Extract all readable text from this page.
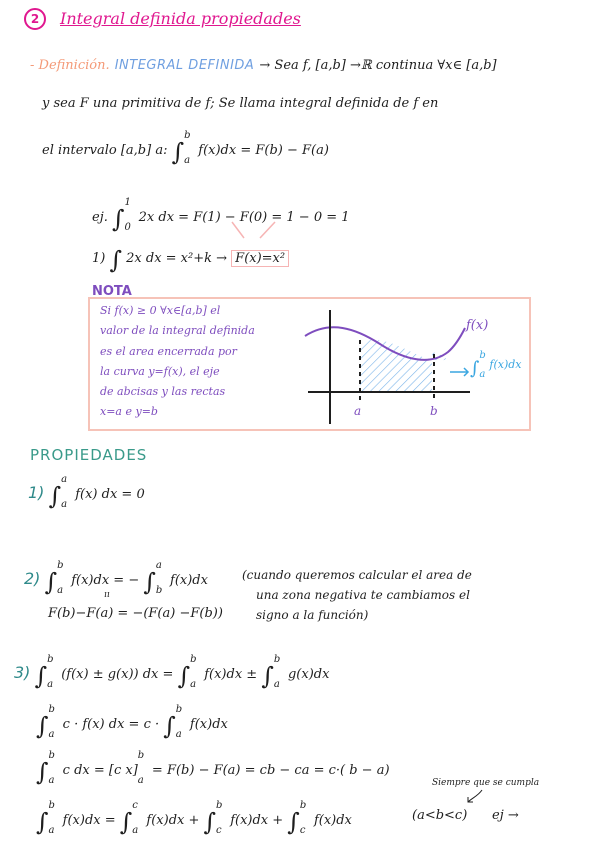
2	Integral definida propiedades
- Definición. INTEGRAL DEFINIDA → Sea f, [a,b] →ℝ continua ∀x∈ [a,b]
y sea F una primitiva de f; Se llama integral definida de f en
el intervalo [a,b] a: ∫
b
a
f(x)dx = F(b) − F(a)
ej. ∫
1
0
2x dx = F(1) − F(0) = 1 − 0 = 1
1) ∫ 2x dx = x²+k → F(x)=x²
NOTA
Si f(x) ≥ 0 ∀x∈[a,b] el
valor de la integral definida
es el area encerrada por
la curva y=f(x), el eje
de abcisas y las rectas
x=a e y=b
f(x)
∫
b
a
f(x)dx
a	b
PROPIEDADES
1) ∫
a
a
f(x) dx = 0
2) ∫
b
a
f(x)dx = − ∫
a
b
f(x)dx
ıı
F(b)−F(a) = −(F(a) −F(b))
(cuando queremos calcular el area de
una zona negativa te cambiamos el
signo a la función)
3) ∫
b
a
(f(x) ± g(x)) dx = ∫
b
a
f(x)dx ± ∫
b
a
g(x)dx
∫
b
a
c · f(x) dx = c · ∫
b
a
f(x)dx
∫
b
a
c dx = [c x]
b
a
= F(b) − F(a) = cb − ca = c·( b − a)
Siempre que se cumpla
∫
b
a
f(x)dx = ∫
c
a
f(x)dx + ∫
b
c
f(x)dx + ∫
b
c
f(x)dx	(a<b<c) ej →
